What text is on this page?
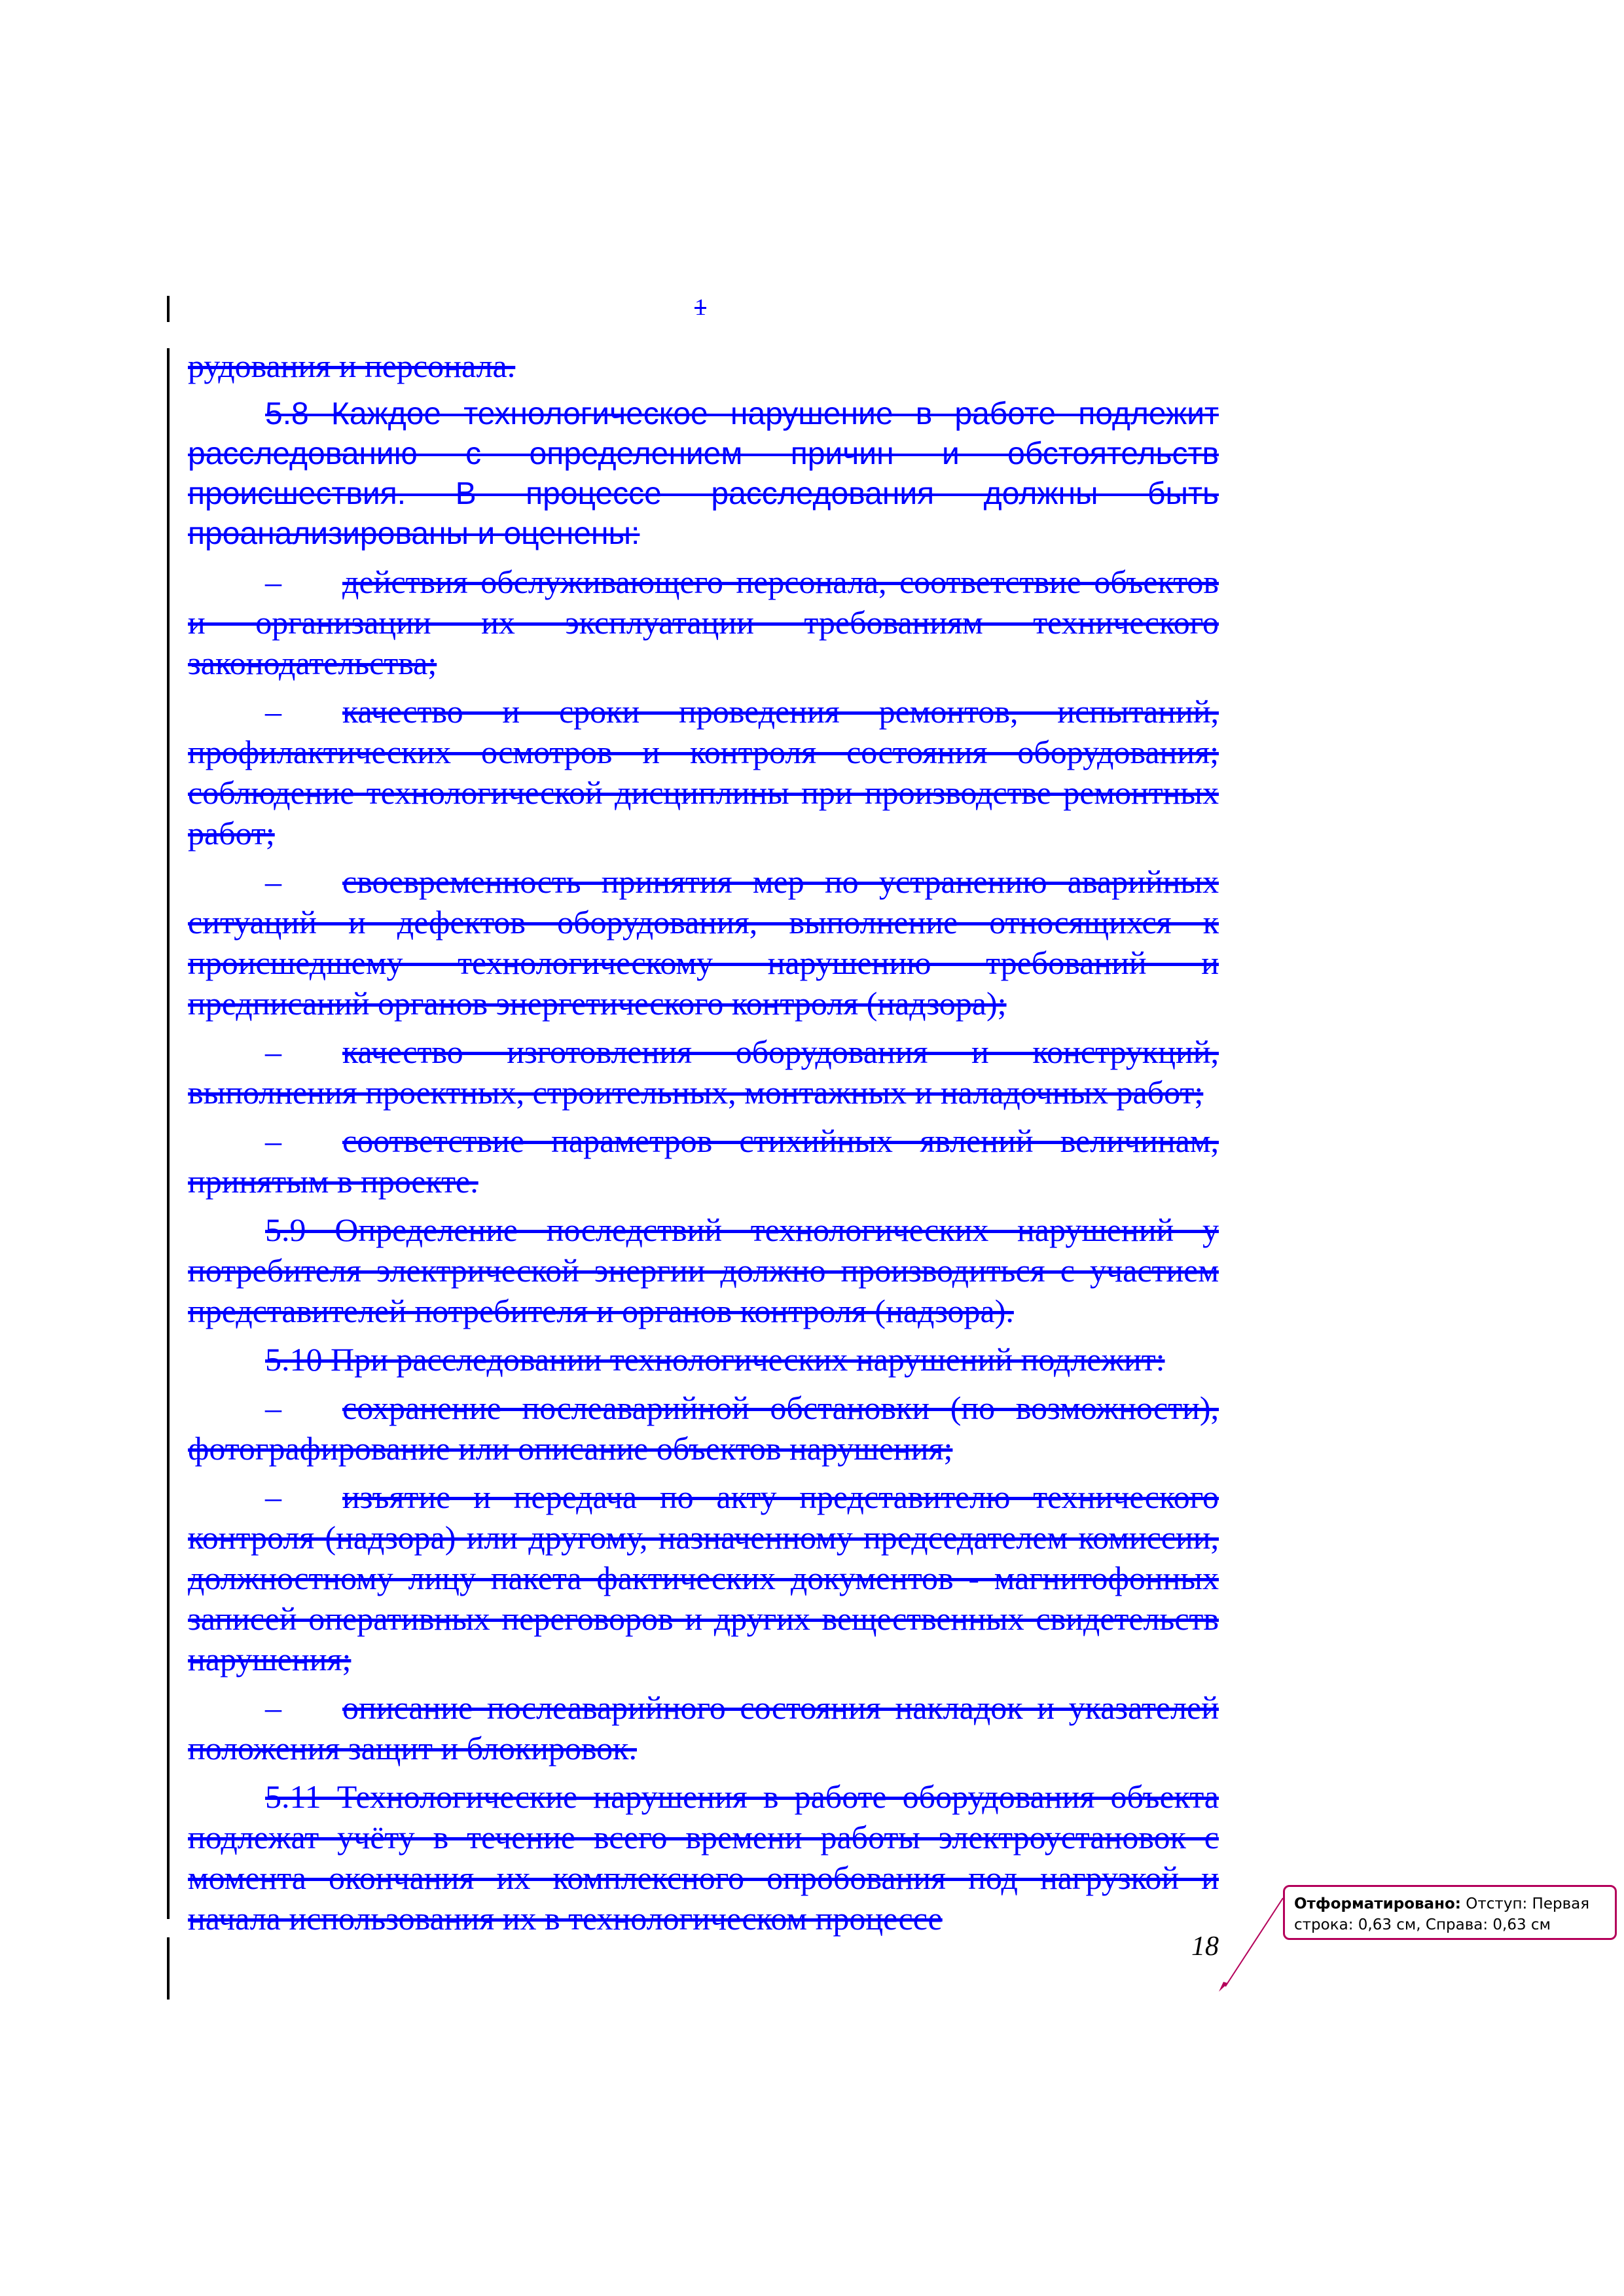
1

рудования и персонала.

5.8 Каждое технологическое нарушение в работе подлежит расследованию с определением причин и обстоятельств происшествия. В процессе расследования должны быть проанализированы и оценены:

– действия обслуживающего персонала, соответствие объектов и организации их эксплуатации требованиям технического законодательства;

– качество и сроки проведения ремонтов, испытаний, профилактических осмотров и контроля состояния оборудования; соблюдение технологической дисциплины при производстве ремонтных работ;

– своевременность принятия мер по устранению аварийных ситуаций и дефектов оборудования, выполнение относящихся к происшедшему технологическому нарушению требований и предписаний органов энергетического контроля (надзора);

– качество изготовления оборудования и конструкций, выполнения проектных, строительных, монтажных и наладочных работ;

– соответствие параметров стихийных явлений величинам, принятым в проекте.

5.9 Определение последствий технологических нарушений у потребителя электрической энергии должно производиться с участием представителей потребителя и органов контроля (надзора).

5.10 При расследовании технологических нарушений подлежит:

– сохранение послеаварийной обстановки (по возможности), фотографирование или описание объектов нарушения;

– изъятие и передача по акту представителю технического контроля (надзора) или другому, назначенному председателем комиссии, должностному лицу пакета фактических документов - магнитофонных записей оперативных переговоров и других вещественных свидетельств нарушения;

– описание послеаварийного состояния накладок и указателей положения защит и блокировок.

5.11 Технологические нарушения в работе оборудования объекта подлежат учёту в течение всего времени работы электроустановок с момента окончания их комплексного опробования под нагрузкой и начала использования их в технологическом процессе

18
Отформатировано: Отступ: Первая строка: 0,63 см, Справа: 0,63 см
